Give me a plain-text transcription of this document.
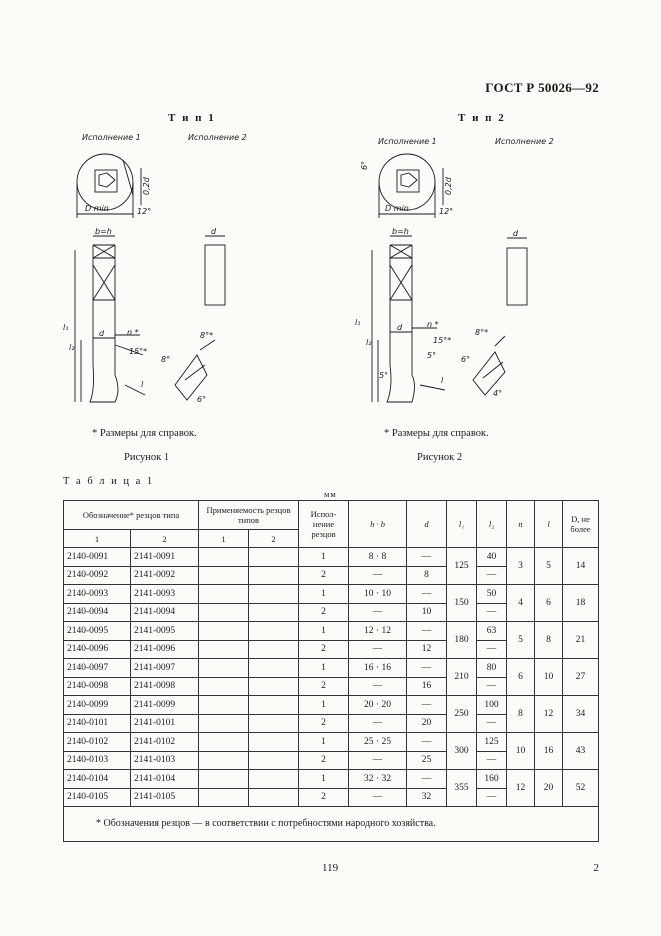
ГОСТ Р 50026—92
Т и п 1
Исполнение 1	Исполнение 2
D min	12°
0,2d
b=h
l₁
l₂
d	n *
15°*
l
d
8°*
8°
6°
* Размеры для справок.
Рисунок 1
Т и п 2
Исполнение 1	Исполнение 2
D min	12°
0,2d
6°
b=h
l₁
l₂
d	n *
15°*
5°
5°
l
d
8°*
6°
4°
* Размеры для справок.
Рисунок 2
Т а б л и ц а 1
мм
Обозначение* резцов типа		Применяемость резцов типов		Испол-нение резцов	h · b	d	l₁	l₂	n	l	D, не более
1	2	1	2								
2140-0091	2141-0091			1	8 · 8	—	125	40	3	5	14
2140-0092	2141-0092			2	—	8		—			
2140-0093	2141-0093			1	10 · 10	—	150	50	4	6	18
2140-0094	2141-0094			2	—	10		—			
2140-0095	2141-0095			1	12 · 12	—	180	63	5	8	21
2140-0096	2141-0096			2	—	12		—			
2140-0097	2141-0097			1	16 · 16	—	210	80	6	10	27
2140-0098	2141-0098			2	—	16		—			
2140-0099	2141-0099			1	20 · 20	—	250	100	8	12	34
2140-0101	2141-0101			2	—	20		—			
2140-0102	2141-0102			1	25 · 25	—	300	125	10	16	43
2140-0103	2141-0103			2	—	25		—			
2140-0104	2141-0104			1	32 · 32	—	355	160	12	20	52
2140-0105	2141-0105			2	—	32		—			
* Обозначения резцов — в соответствии с потребностями народного хозяйства.											
119	2
